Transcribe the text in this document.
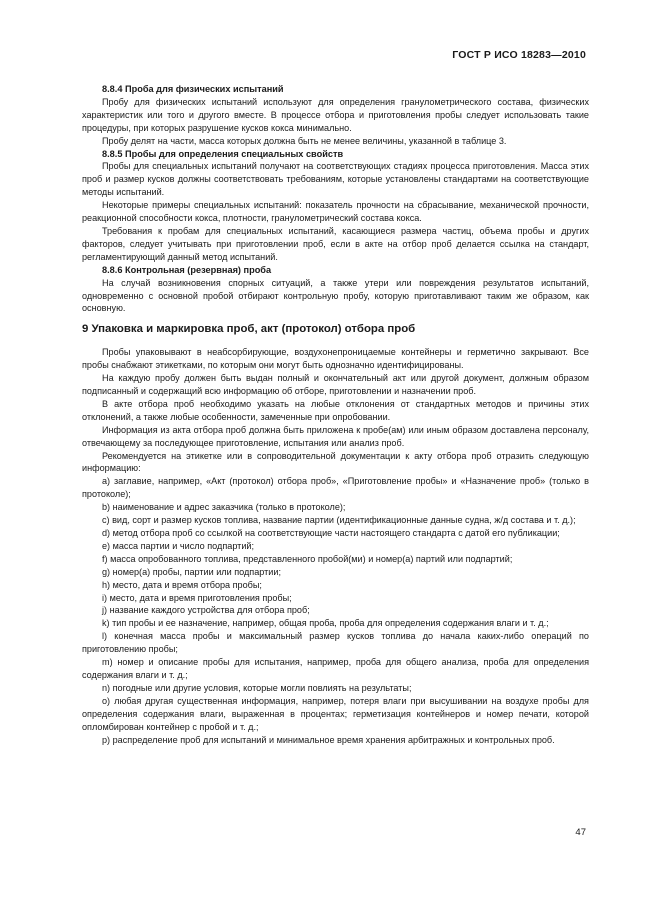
ГОСТ Р ИСО 18283—2010

8.8.4 Проба для физических испытаний

Пробу для физических испытаний используют для определения гранулометрического состава, физических характеристик или того и другого вместе. В процессе отбора и приготовления пробы следует использовать такие процедуры, при которых разрушение кусков кокса минимально.

Пробу делят на части, масса которых должна быть не менее величины, указанной в таблице 3.

8.8.5 Пробы для определения специальных свойств

Пробы для специальных испытаний получают на соответствующих стадиях процесса приготовления. Масса этих проб и размер кусков должны соответствовать требованиям, которые установлены стандартами на соответствующие методы испытаний.

Некоторые примеры специальных испытаний: показатель прочности на сбрасывание, механической прочности, реакционной способности кокса, плотности, гранулометрический состава кокса.

Требования к пробам для специальных испытаний, касающиеся размера частиц, объема пробы и других факторов, следует учитывать при приготовлении проб, если в акте на отбор проб делается ссылка на стандарт, регламентирующий данный метод испытаний.

8.8.6 Контрольная (резервная) проба

На случай возникновения спорных ситуаций, а также утери или повреждения результатов испытаний, одновременно с основной пробой отбирают контрольную пробу, которую приготавливают таким же образом, как основную.

9 Упаковка и маркировка проб, акт (протокол) отбора проб

Пробы упаковывают в неабсорбирующие, воздухонепроницаемые контейнеры и герметично закрывают. Все пробы снабжают этикетками, по которым они могут быть однозначно идентифицированы.

На каждую пробу должен быть выдан полный и окончательный акт или другой документ, должным образом подписанный и содержащий всю информацию об отборе, приготовлении и назначении проб.

В акте отбора проб необходимо указать на любые отклонения от стандартных методов и причины этих отклонений, а также любые особенности, замеченные при опробовании.

Информация из акта отбора проб должна быть приложена к пробе(ам) или иным образом доставлена персоналу, отвечающему за последующее приготовление, испытания или анализ проб.

Рекомендуется на этикетке или в сопроводительной документации к акту отбора проб отразить следующую информацию:

а) заглавие, например, «Акт (протокол) отбора проб», «Приготовление пробы» и «Назначение проб» (только в протоколе);

b) наименование и адрес заказчика (только в протоколе);

с) вид, сорт и размер кусков топлива, название партии (идентификационные данные судна, ж/д состава и т. д.);

d) метод отбора проб со ссылкой на соответствующие части настоящего стандарта с датой его публикации;

е) масса партии и число подпартий;

f) масса опробованного топлива, представленного пробой(ми) и номер(а) партий или подпартий;

g) номер(а) пробы, партии или подпартии;

h) место, дата и время отбора пробы;

i) место, дата и время приготовления пробы;

j) название каждого устройства для отбора проб;

k) тип пробы и ее назначение, например, общая проба, проба для определения содержания влаги и т. д.;

l) конечная масса пробы и максимальный размер кусков топлива до начала каких-либо операций по приготовлению пробы;

m) номер и описание пробы для испытания, например, проба для общего анализа, проба для определения содержания влаги и т. д.;

n) погодные или другие условия, которые могли повлиять на результаты;

о) любая другая существенная информация, например, потеря влаги при высушивании на воздухе пробы для определения содержания влаги, выраженная в процентах; герметизация контейнеров и номер печати, которой опломбирован контейнер с пробой и т. д.;

р) распределение проб для испытаний и минимальное время хранения арбитражных и контрольных проб.

47
